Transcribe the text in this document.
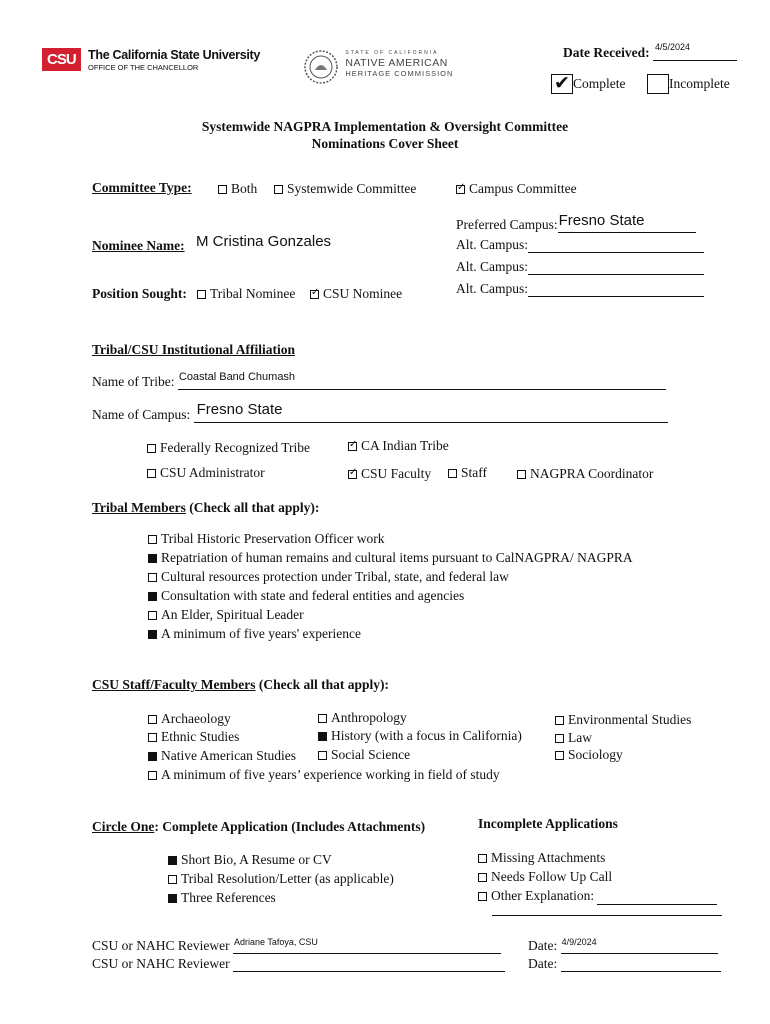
CSU The California State University
OFFICE OF THE CHANCELLOR

STATE OF CALIFORNIA
NATIVE AMERICAN
HERITAGE COMMISSION
Date Received: 4/5/2024
✔ Complete	Incomplete
Systemwide NAGPRA Implementation & Oversight Committee
Nominations Cover Sheet
Committee Type:	Both	Systemwide Committee ✓	Campus Committee
Preferred Campus: Fresno State
Alt. Campus:
Alt. Campus:
Alt. Campus:
Nominee Name: M Cristina Gonzales
Position Sought:	Tribal Nominee ✓	CSU Nominee
Tribal/CSU Institutional Affiliation
Name of Tribe: Coastal Band Chumash
Name of Campus: Fresno State
Federally Recognized Tribe ✓	CA Indian Tribe
CSU Administrator ✓	CSU Faculty	Staff	NAGPRA Coordinator
Tribal Members (Check all that apply):
Tribal Historic Preservation Officer work
Repatriation of human remains and cultural items pursuant to CalNAGPRA/ NAGPRA
Cultural resources protection under Tribal, state, and federal law
Consultation with state and federal entities and agencies
An Elder, Spiritual Leader
A minimum of five years' experience
CSU Staff/Faculty Members (Check all that apply):
Archaeology	Anthropology	Environmental Studies
Ethnic Studies	History (with a focus in California)	Law
Native American Studies	Social Science	Sociology
A minimum of five years’ experience working in field of study
Circle One: Complete Application (Includes Attachments)	Incomplete Applications
Short Bio, A Resume or CV
Tribal Resolution/Letter (as applicable)
Three References
Missing Attachments
Needs Follow Up Call
Other Explanation:
CSU or NAHC Reviewer Adriane Tafoya, CSU
CSU or NAHC Reviewer
Date: 4/9/2024
Date:
